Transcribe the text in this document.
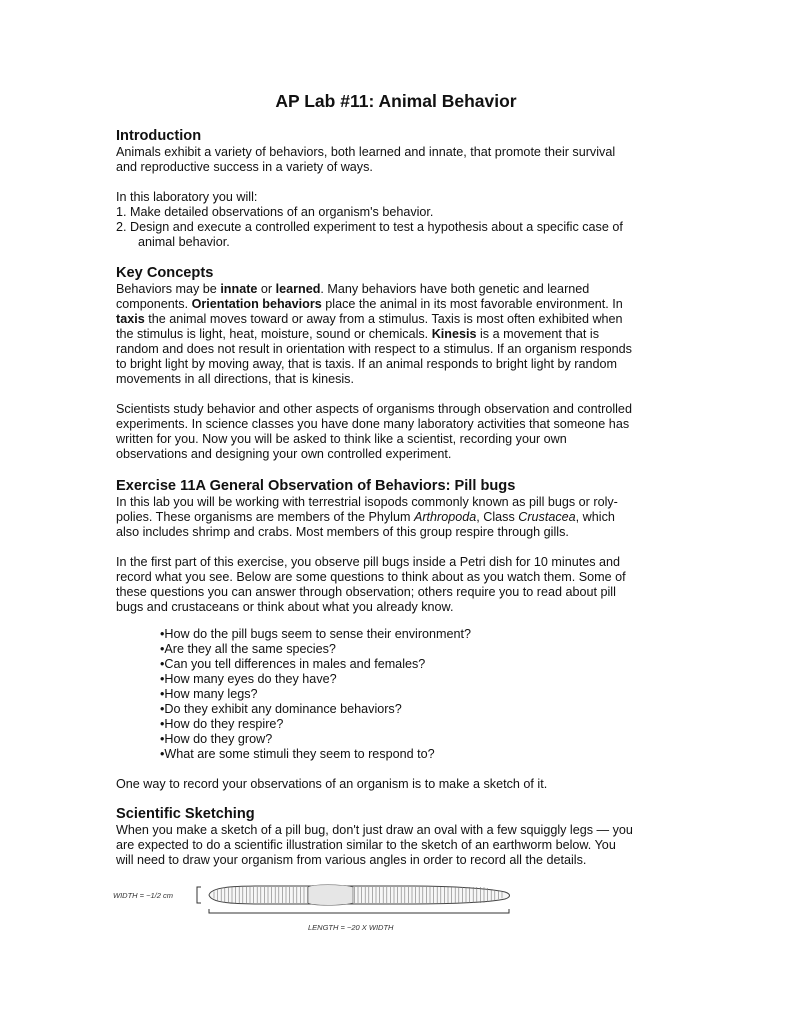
AP Lab #11: Animal Behavior
Introduction

Animals exhibit a variety of behaviors, both learned and innate, that promote their survival

and reproductive success in a variety of ways.

In this laboratory you will:

1. Make detailed observations of an organism's behavior.

2. Design and execute a controlled experiment to test a hypothesis about a specific case of

animal behavior.

Key Concepts

Behaviors may be innate or learned. Many behaviors have both genetic and learned

components. Orientation behaviors place the animal in its most favorable environment. In

taxis the animal moves toward or away from a stimulus. Taxis is most often exhibited when

the stimulus is light, heat, moisture, sound or chemicals. Kinesis is a movement that is

random and does not result in orientation with respect to a stimulus. If an organism responds

to bright light by moving away, that is taxis. If an animal responds to bright light by random

movements in all directions, that is kinesis.

Scientists study behavior and other aspects of organisms through observation and controlled

experiments. In science classes you have done many laboratory activities that someone has

written for you. Now you will be asked to think like a scientist, recording your own

observations and designing your own controlled experiment.

Exercise 11A General Observation of Behaviors: Pill bugs

In this lab you will be working with terrestrial isopods commonly known as pill bugs or roly-

polies. These organisms are members of the Phylum Arthropoda, Class Crustacea, which

also includes shrimp and crabs. Most members of this group respire through gills.

In the first part of this exercise, you observe pill bugs inside a Petri dish for 10 minutes and

record what you see. Below are some questions to think about as you watch them. Some of

these questions you can answer through observation; others require you to read about pill

bugs and crustaceans or think about what you already know.

•How do the pill bugs seem to sense their environment?

•Are they all the same species?

•Can you tell differences in males and females?

•How many eyes do they have?

•How many legs?

•Do they exhibit any dominance behaviors?

•How do they respire?

•How do they grow?

•What are some stimuli they seem to respond to?

One way to record your observations of an organism is to make a sketch of it.

Scientific Sketching

When you make a sketch of a pill bug, don't just draw an oval with a few squiggly legs — you

are expected to do a scientific illustration similar to the sketch of an earthworm below. You

will need to draw your organism from various angles in order to record all the details.

WIDTH = ~1/2 cm
LENGTH = ~20 X WIDTH
